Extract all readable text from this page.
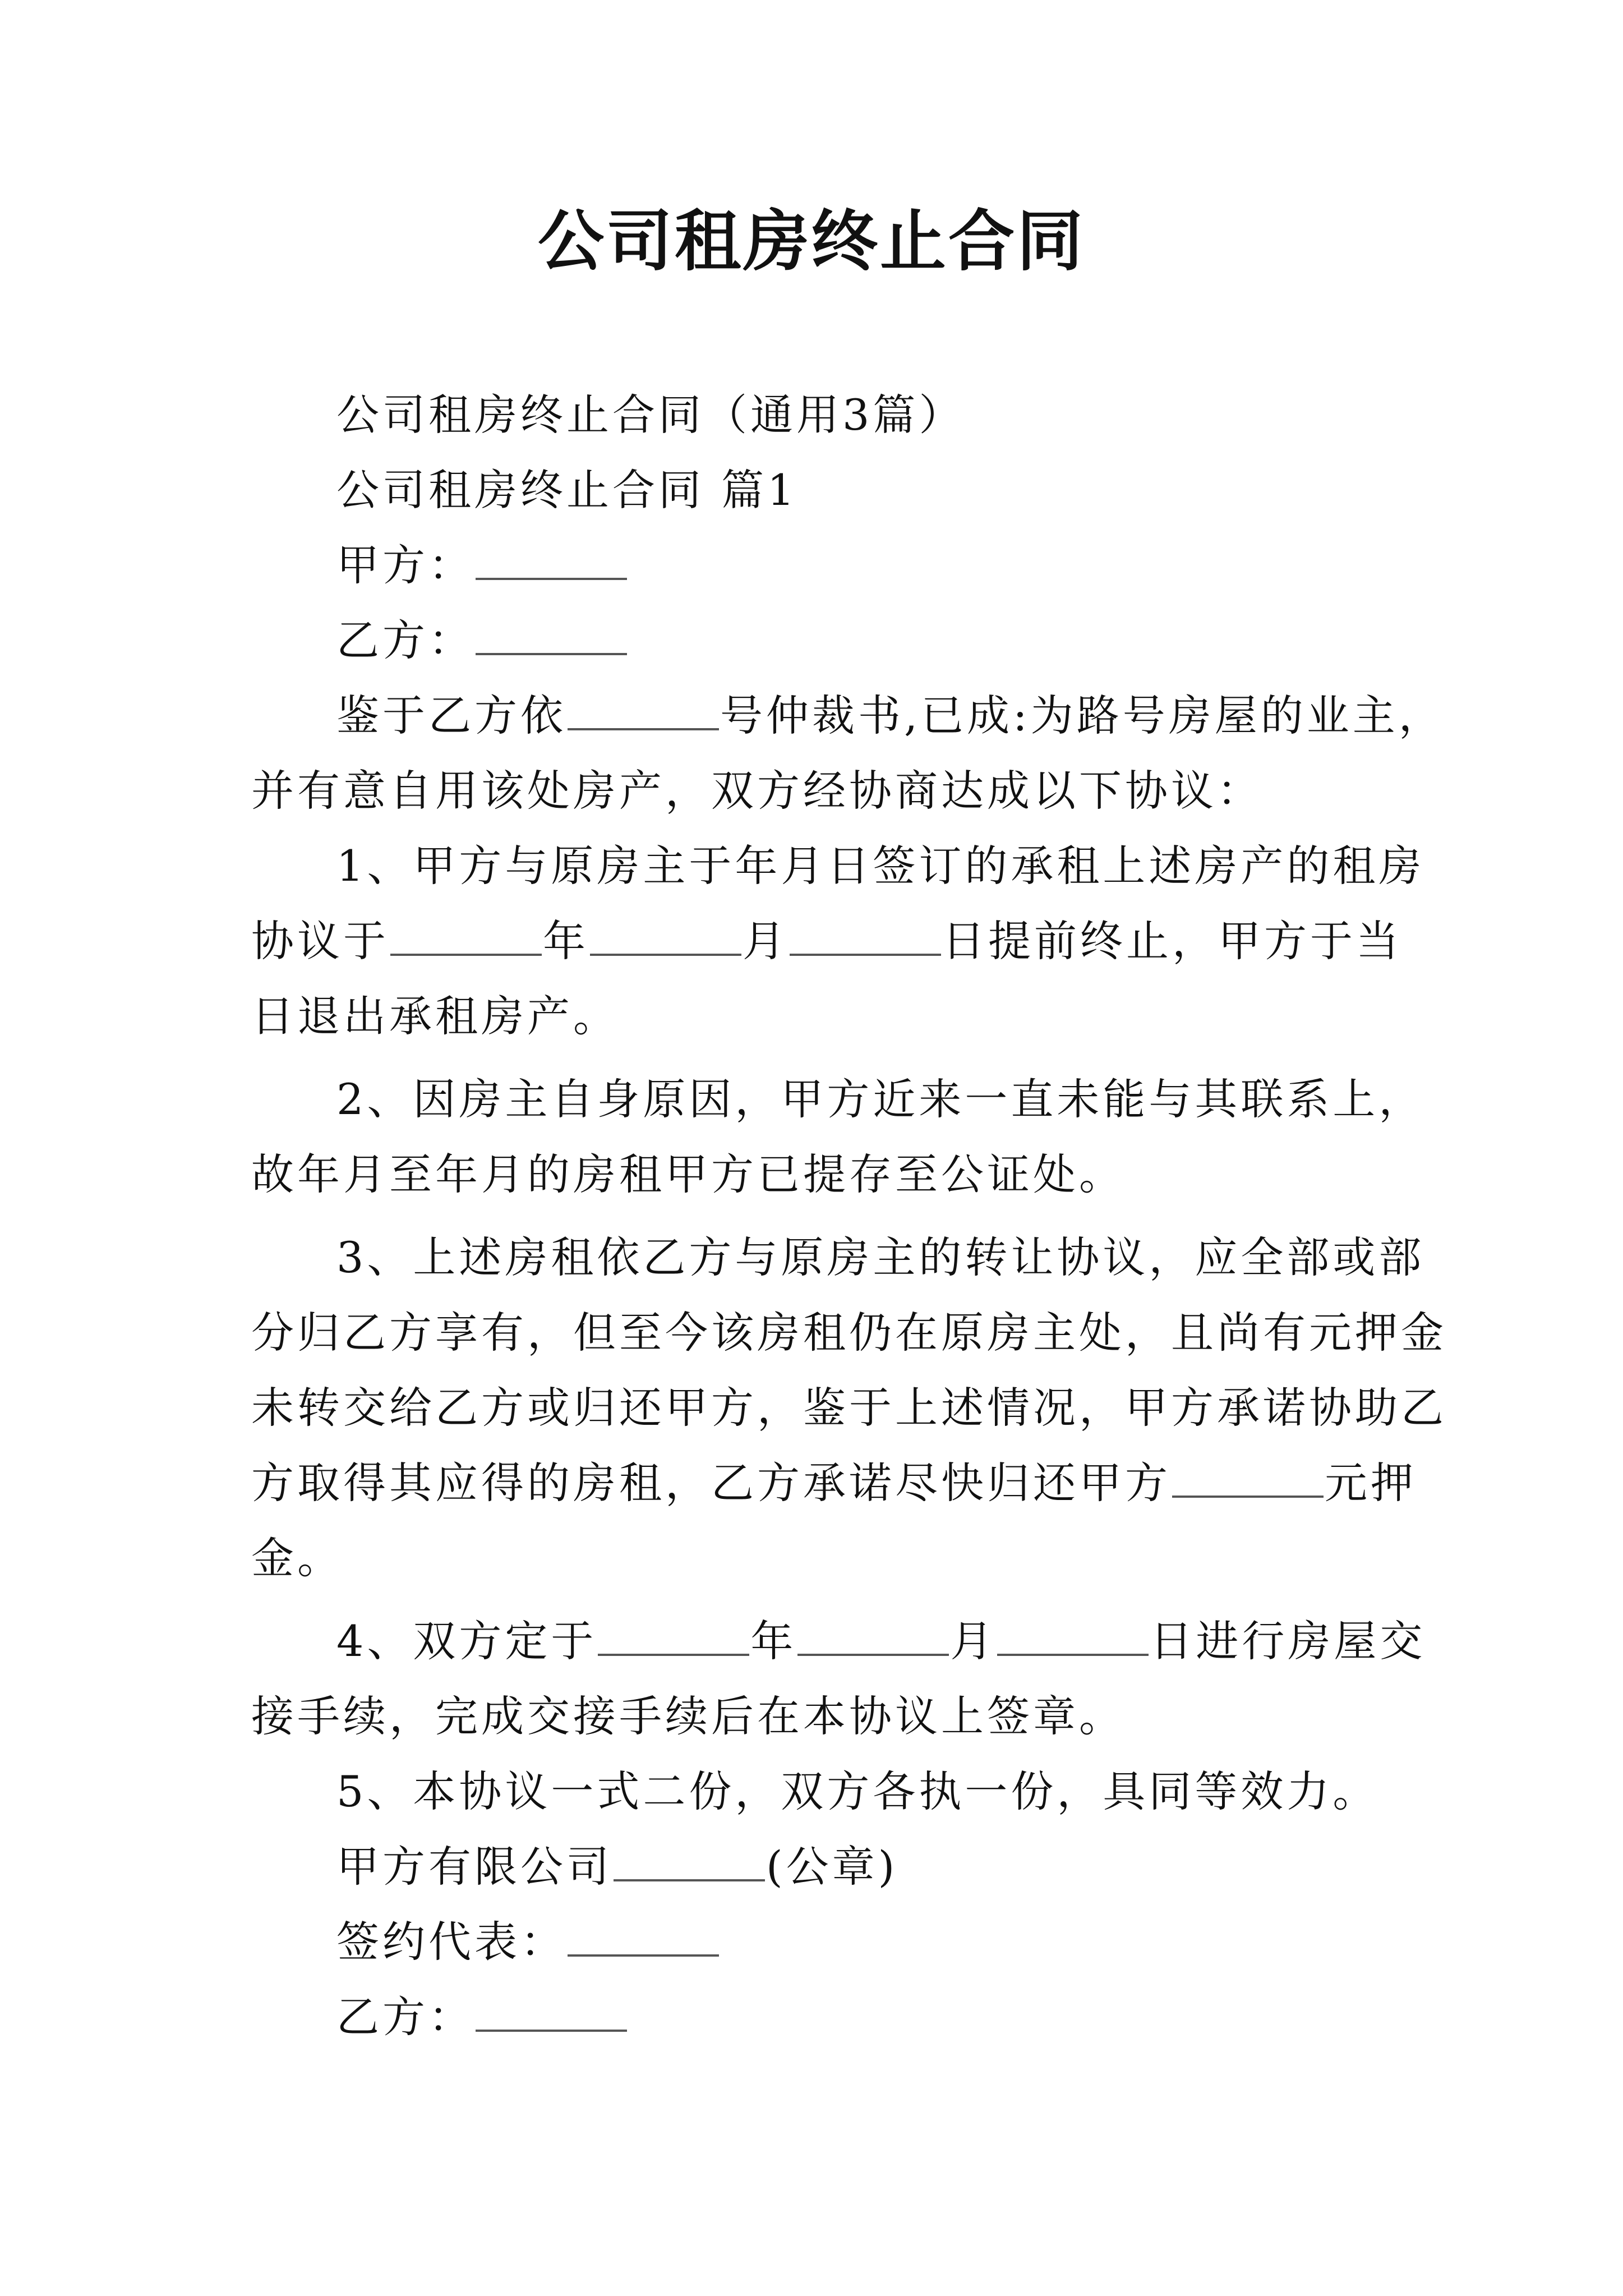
公司租房终止合同
公司租房终止合同（通用3篇）
公司租房终止合同 篇1
甲方：
乙方：
鉴于乙方依	号仲裁书,已成:为路号房屋的业主，
并有意自用该处房产，双方经协商达成以下协议：
1、甲方与原房主于年月日签订的承租上述房产的租房
协议于	年	月	日提前终止，甲方于当
日退出承租房产。
2、因房主自身原因，甲方近来一直未能与其联系上，
故年月至年月的房租甲方已提存至公证处。
3、上述房租依乙方与原房主的转让协议，应全部或部
分归乙方享有，但至今该房租仍在原房主处，且尚有元押金
未转交给乙方或归还甲方，鉴于上述情况，甲方承诺协助乙
方取得其应得的房租，乙方承诺尽快归还甲方	元押
金。
4、双方定于	年	月	日进行房屋交
接手续，完成交接手续后在本协议上签章。
5、本协议一式二份，双方各执一份，具同等效力。
甲方有限公司	(公章)
签约代表：
乙方：
